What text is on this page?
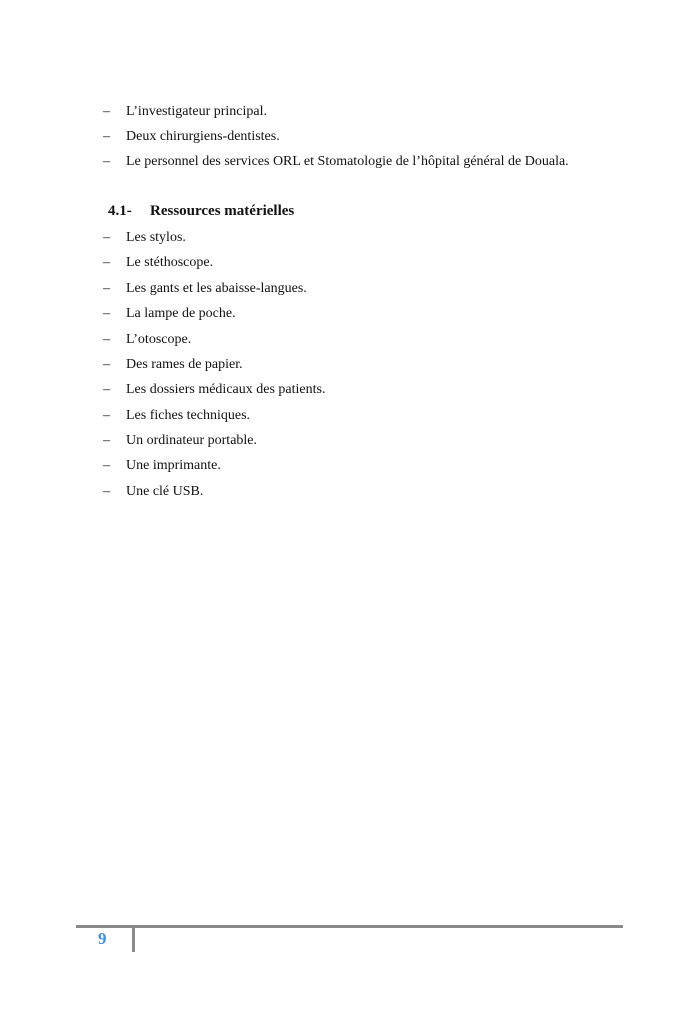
– L’investigateur principal.
– Deux chirurgiens-dentistes.
– Le personnel des services ORL et Stomatologie de l’hôpital général de Douala.
4.1- Ressources matérielles
– Les stylos.
– Le stéthoscope.
– Les gants et les abaisse-langues.
– La lampe de poche.
– L’otoscope.
– Des rames de papier.
– Les dossiers médicaux des patients.
– Les fiches techniques.
– Un ordinateur portable.
– Une imprimante.
– Une clé USB.
9
